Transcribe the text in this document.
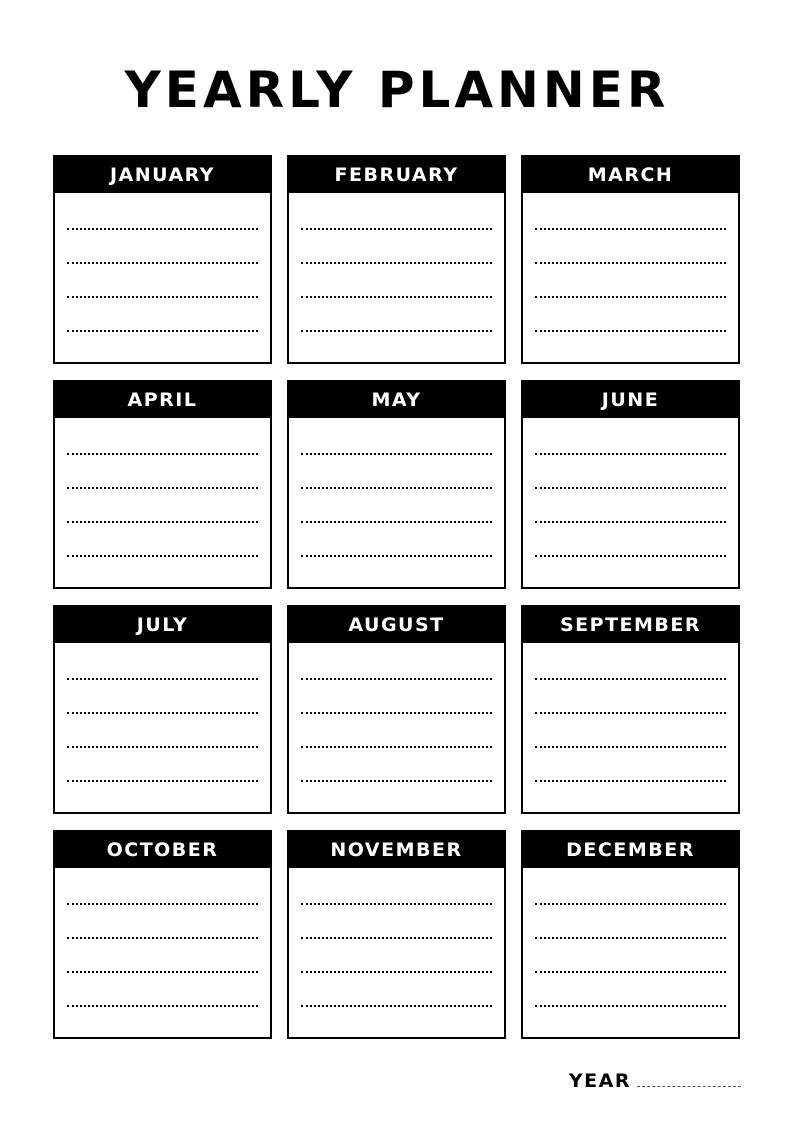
YEARLY PLANNER
JANUARY	FEBRUARY	MARCH
APRIL	MAY	JUNE
JULY	AUGUST	SEPTEMBER
OCTOBER	NOVEMBER	DECEMBER
YEAR
